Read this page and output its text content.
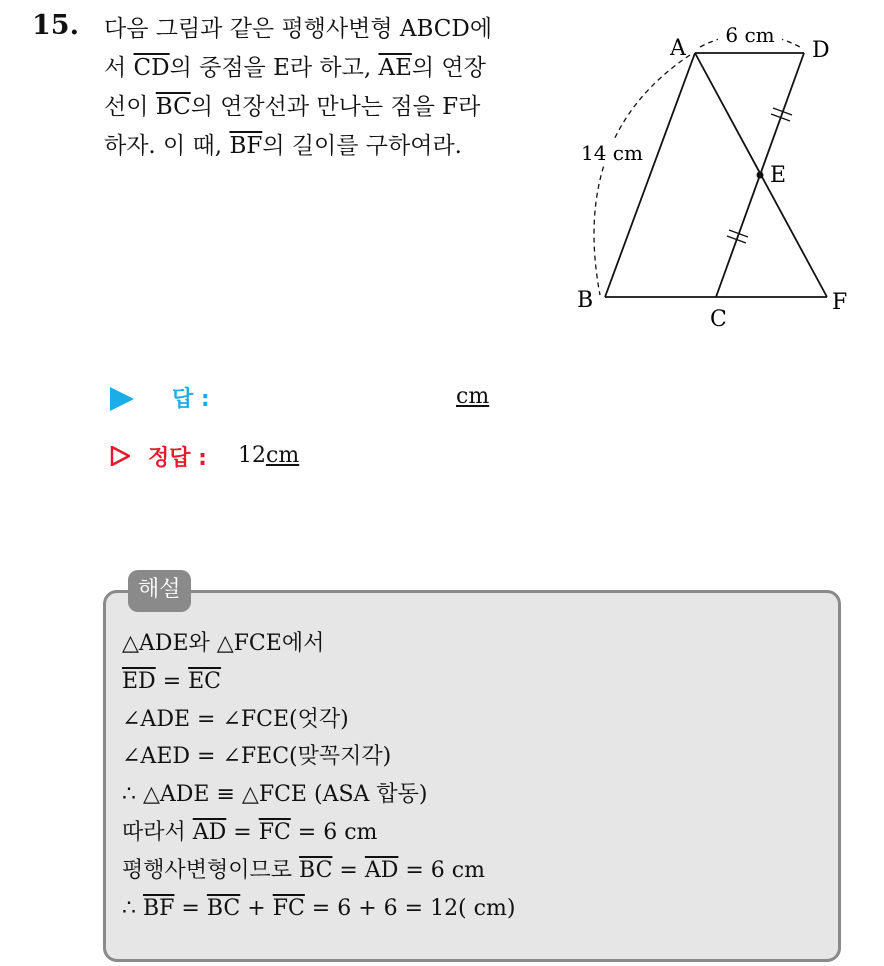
15. 다음 그림과 같은 평행사변형 ABCD에
서 $\overline{CD}$의 중점을 E라 하고, $\overline{AE}$의 연장
선이 $\overline{BC}$의 연장선과 만나는 점을 F라
하자. 이 때, $\overline{BF}$의 길이를 구하여라.
6 cm
14 cm
A	D
E
B
C
F
답 :	cm
정답 : 12cm
해설
△ADE와 △FCE에서
$\overline{ED} = \overline{EC}$
∠ADE = ∠FCE(엇각)
∠AED = ∠FEC(맞꼭지각)
∴ △ADE ≡ △FCE (ASA 합동)
따라서 $\overline{AD} = \overline{FC} = 6$ cm
평행사변형이므로 $\overline{BC} = \overline{AD} = 6$ cm
∴ $\overline{BF} = \overline{BC} + \overline{FC} = 6 + 6 = 12$( cm)
